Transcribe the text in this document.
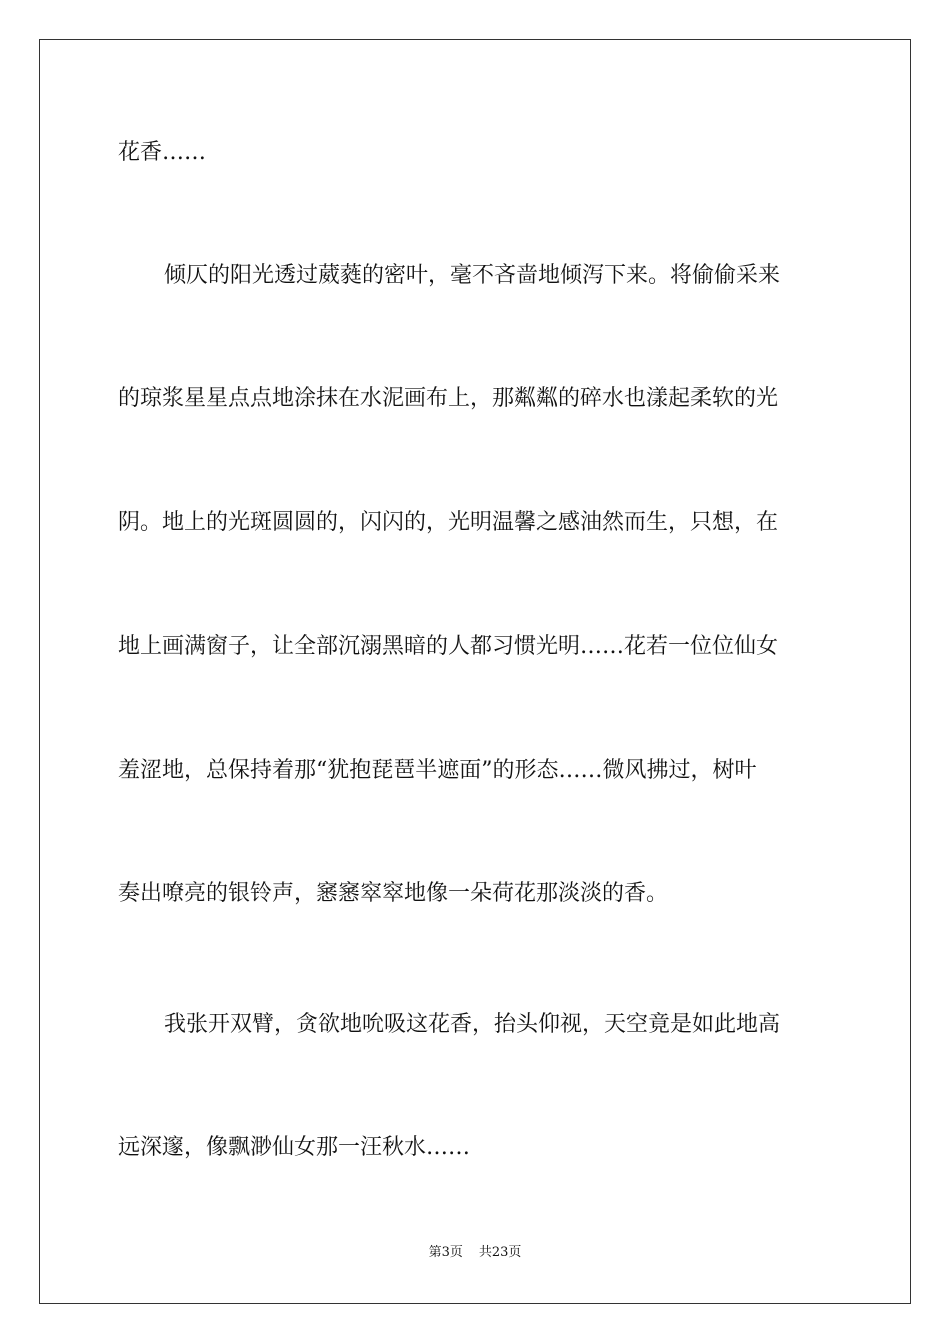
花香……
倾仄的阳光透过葳蕤的密叶，毫不吝啬地倾泻下来。将偷偷采来
的琼浆星星点点地涂抹在水泥画布上，那粼粼的碎水也漾起柔软的光
阴。地上的光斑圆圆的，闪闪的，光明温馨之感油然而生，只想，在
地上画满窗子，让全部沉溺黑暗的人都习惯光明……花若一位位仙女
羞涩地，总保持着那“犹抱琵琶半遮面”的形态……微风拂过，树叶
奏出嘹亮的银铃声，窸窸窣窣地像一朵荷花那淡淡的香。
我张开双臂，贪欲地吮吸这花香，抬头仰视，天空竟是如此地高
远深邃，像飘渺仙女那一汪秋水……
第3页 共23页
